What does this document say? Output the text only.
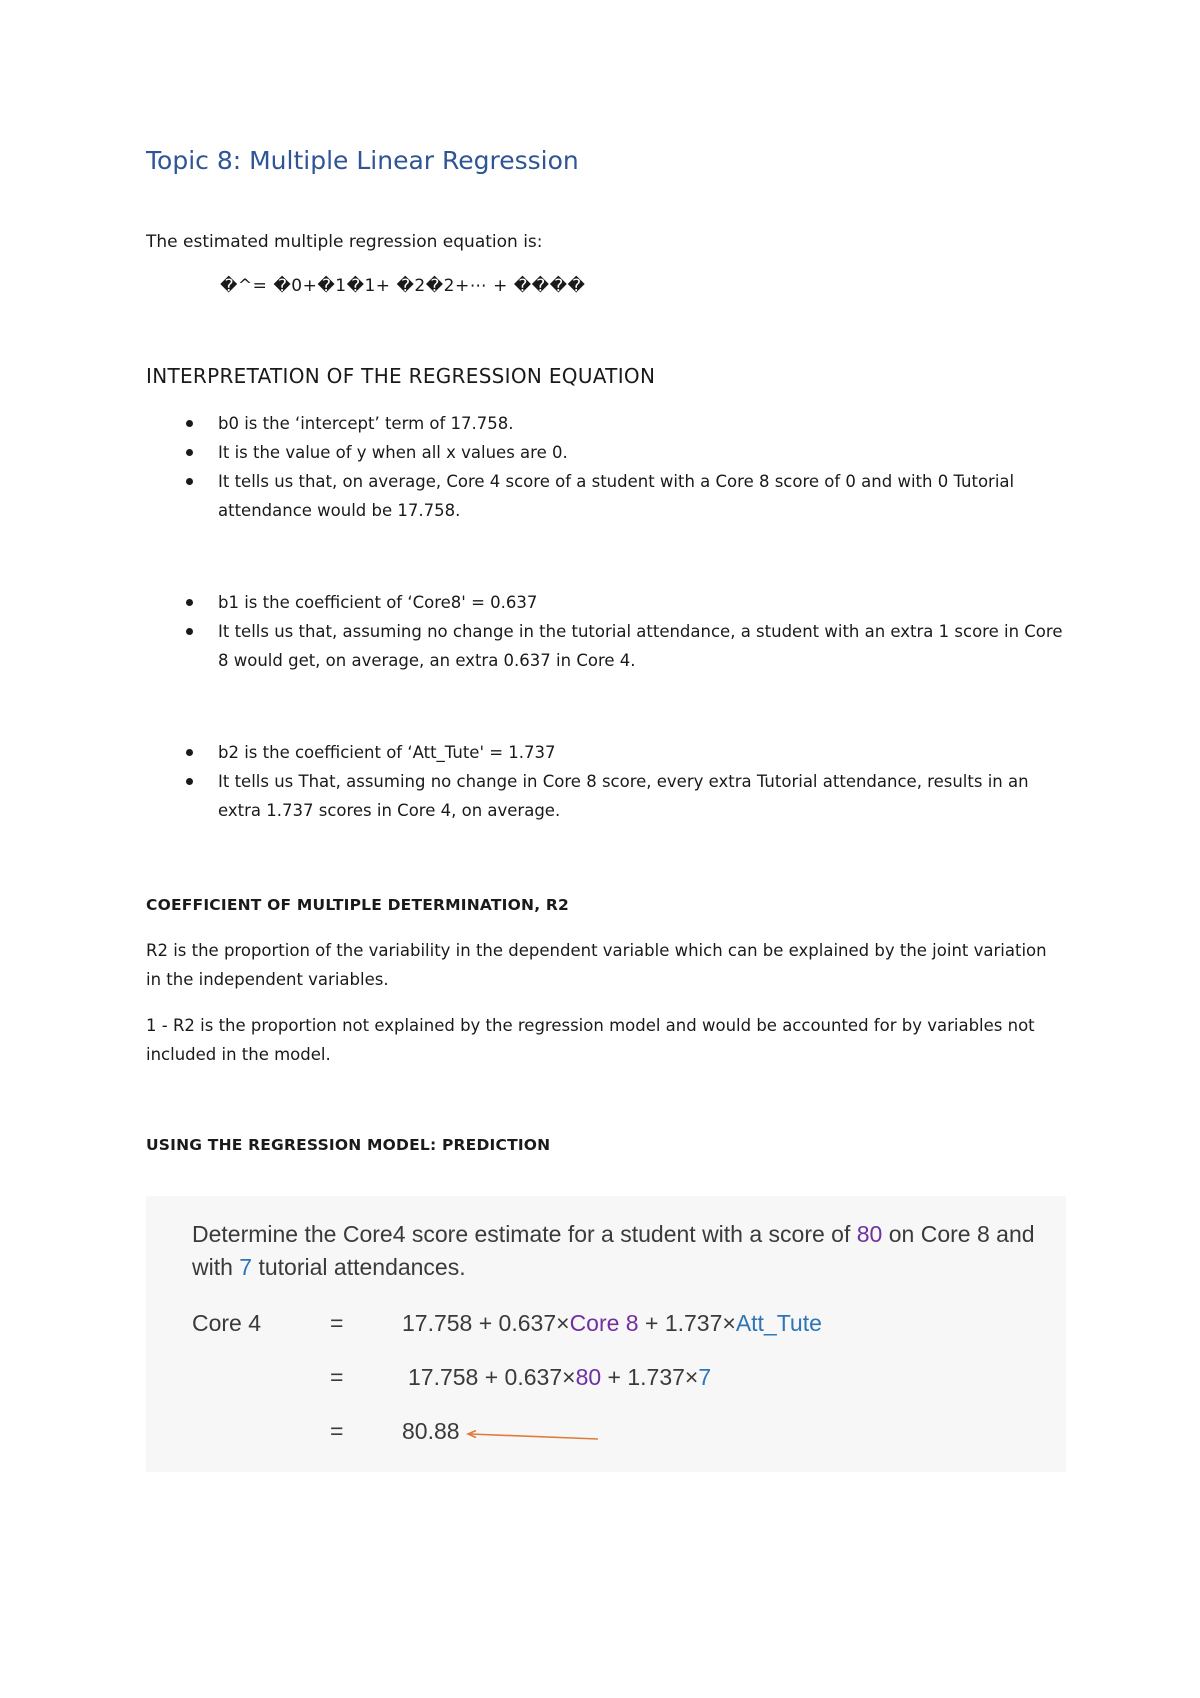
Topic 8: Multiple Linear Regression
The estimated multiple regression equation is:
�^= �0+�1�1+ �2�2+⋯ + ����
INTERPRETATION OF THE REGRESSION EQUATION
b0 is the ‘intercept’ term of 17.758.
It is the value of y when all x values are 0.
It tells us that, on average, Core 4 score of a student with a Core 8 score of 0 and with 0 Tutorial attendance would be 17.758.
b1 is the coefficient of ‘Core8' = 0.637
It tells us that, assuming no change in the tutorial attendance, a student with an extra 1 score in Core 8 would get, on average, an extra 0.637 in Core 4.
b2 is the coefficient of ‘Att_Tute' = 1.737
It tells us That, assuming no change in Core 8 score, every extra Tutorial attendance, results in an extra 1.737 scores in Core 4, on average.
COEFFICIENT OF MULTIPLE DETERMINATION, R2

R2 is the proportion of the variability in the dependent variable which can be explained by the joint variation in the independent variables.

1 - R2 is the proportion not explained by the regression model and would be accounted for by variables not included in the model.

USING THE REGRESSION MODEL: PREDICTION
Determine the Core4 score estimate for a student with a score of 80 on Core 8 and with 7 tutorial attendances.
Core 4	=	17.758 + 0.637×Core 8 + 1.737×Att_Tute
=	17.758 + 0.637×80 + 1.737×7
=	80.88
